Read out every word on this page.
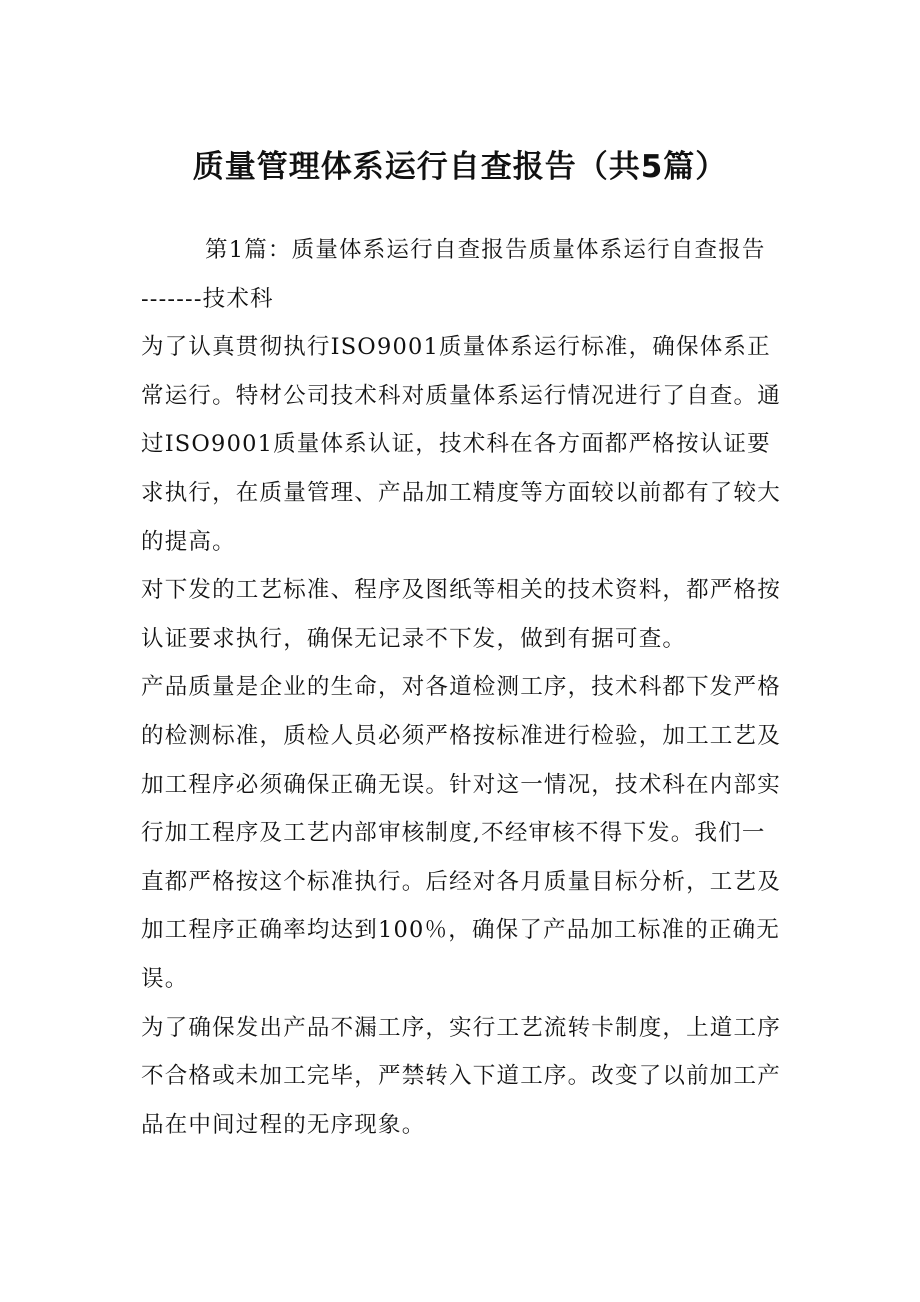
质量管理体系运行自查报告（共5篇）

第1篇：质量体系运行自查报告质量体系运行自查报告

-------技术科

为了认真贯彻执行ISO9001质量体系运行标准，确保体系正常运行。特材公司技术科对质量体系运行情况进行了自查。通过ISO9001质量体系认证，技术科在各方面都严格按认证要求执行，在质量管理、产品加工精度等方面较以前都有了较大的提高。

对下发的工艺标准、程序及图纸等相关的技术资料，都严格按认证要求执行，确保无记录不下发，做到有据可查。

产品质量是企业的生命，对各道检测工序，技术科都下发严格的检测标准，质检人员必须严格按标准进行检验，加工工艺及加工程序必须确保正确无误。针对这一情况，技术科在内部实行加工程序及工艺内部审核制度,不经审核不得下发。我们一直都严格按这个标准执行。后经对各月质量目标分析，工艺及加工程序正确率均达到100％，确保了产品加工标准的正确无误。

为了确保发出产品不漏工序，实行工艺流转卡制度，上道工序不合格或未加工完毕，严禁转入下道工序。改变了以前加工产品在中间过程的无序现象。
